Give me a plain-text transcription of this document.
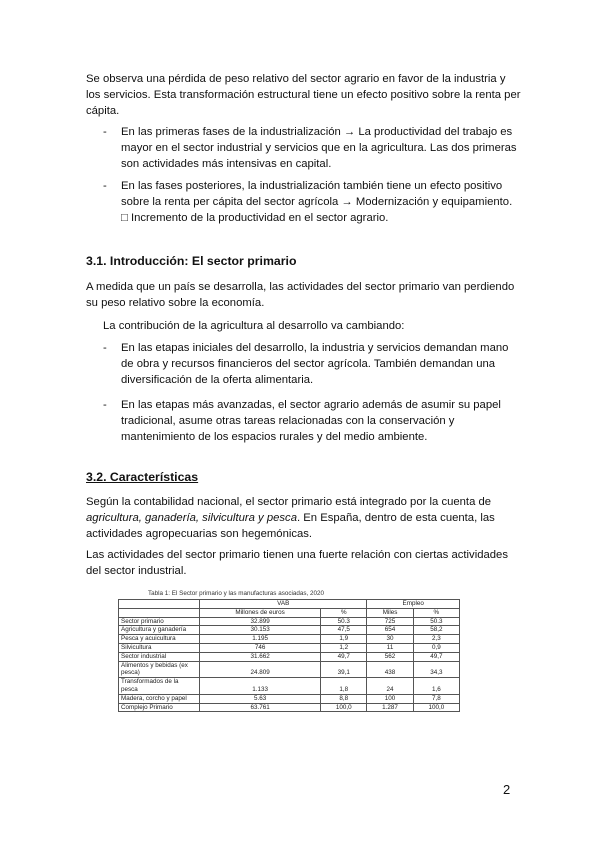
Se observa una pérdida de peso relativo del sector agrario en favor de la industria y
los servicios. Esta transformación estructural tiene un efecto positivo sobre la renta per
cápita.
-	En las primeras fases de la industrialización → La productividad del trabajo es
mayor en el sector industrial y servicios que en la agricultura. Las dos primeras
son actividades más intensivas en capital.
-	En las fases posteriores, la industrialización también tiene un efecto positivo
sobre la renta per cápita del sector agrícola → Modernización y equipamiento.
□ Incremento de la productividad en el sector agrario.
3.1. Introducción: El sector primario
A medida que un país se desarrolla, las actividades del sector primario van perdiendo
su peso relativo sobre la economía.
La contribución de la agricultura al desarrollo va cambiando:
-	En las etapas iniciales del desarrollo, la industria y servicios demandan mano
de obra y recursos financieros del sector agrícola. También demandan una
diversificación de la oferta alimentaria.
-	En las etapas más avanzadas, el sector agrario además de asumir su papel
tradicional, asume otras tareas relacionadas con la conservación y
mantenimiento de los espacios rurales y del medio ambiente.
3.2. Características
Según la contabilidad nacional, el sector primario está integrado por la cuenta de
agricultura, ganadería, silvicultura y pesca. En España, dentro de esta cuenta, las
actividades agropecuarias son hegemónicas.
Las actividades del sector primario tienen una fuerte relación con ciertas actividades
del sector industrial.
Tabla 1: El Sector primario y las manufacturas asociadas, 2020
	VAB		Empleo	
	Millones de euros	%	Miles	%
Sector primario	32.899	50.3	725	50.3
Agricultura y ganadería	30.153	47,5	654	58,2
Pesca y acuicultura	1.195	1,9	30	2,3
Silvicultura	746	1,2	11	0,9
Sector industrial	31.662	49,7	562	49,7
Alimentos y bebidas (ex pesca)	24.809	39,1	438	34,3
Transformados de la pesca	1.133	1,8	24	1,6
Madera, corcho y papel	5.63	8,8	100	7,8
Complejo Primario	63.761	100,0	1.287	100,0
2
